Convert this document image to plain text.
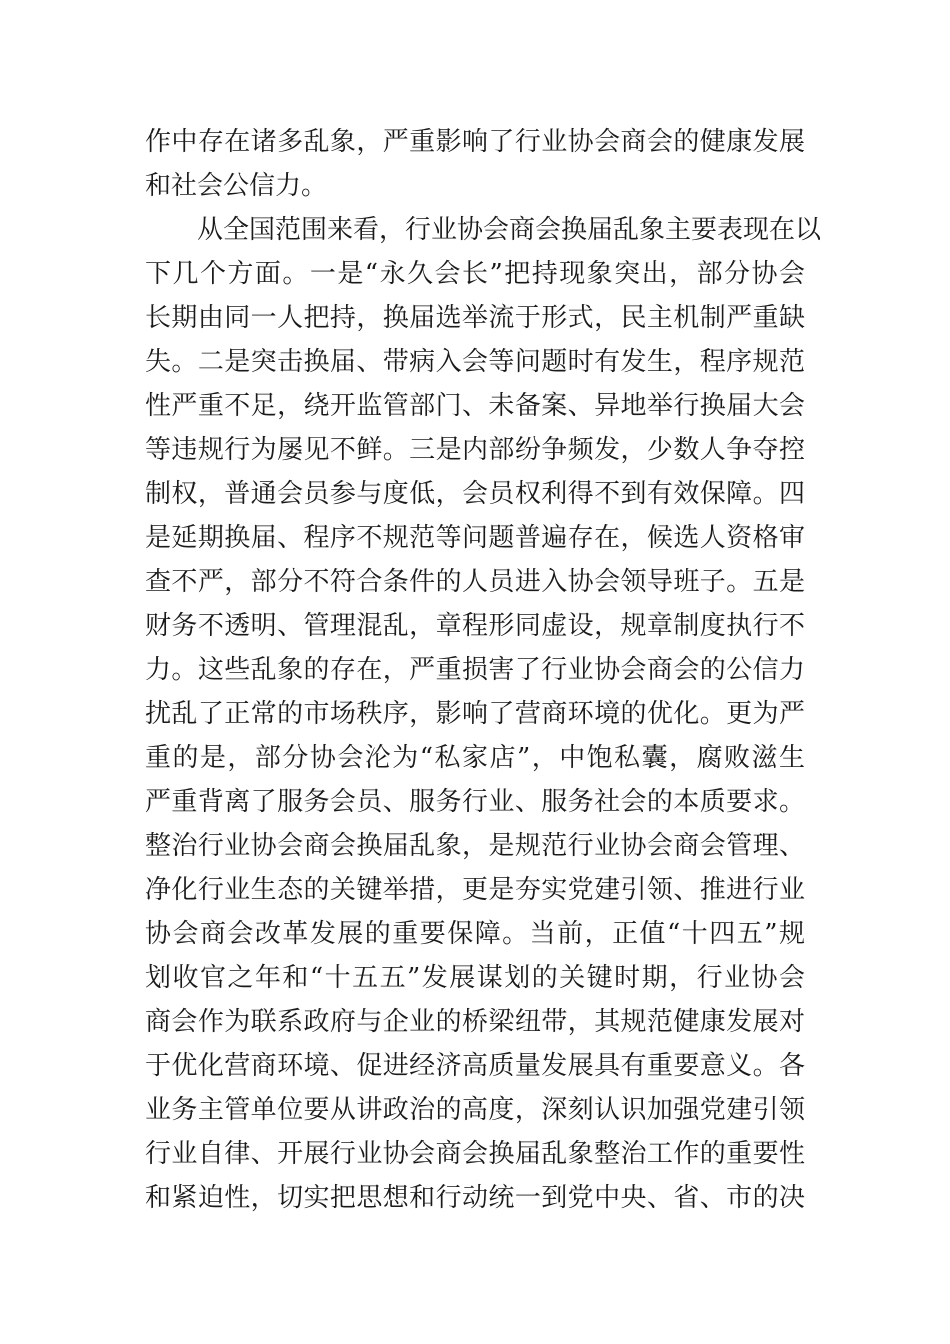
作中存在诸多乱象，严重影响了行业协会商会的健康发展
和社会公信力。
从全国范围来看，行业协会商会换届乱象主要表现在以
下几个方面。一是“永久会长”把持现象突出，部分协会
长期由同一人把持，换届选举流于形式，民主机制严重缺
失。二是突击换届、带病入会等问题时有发生，程序规范
性严重不足，绕开监管部门、未备案、异地举行换届大会
等违规行为屡见不鲜。三是内部纷争频发，少数人争夺控
制权，普通会员参与度低，会员权利得不到有效保障。四
是延期换届、程序不规范等问题普遍存在，候选人资格审
查不严，部分不符合条件的人员进入协会领导班子。五是
财务不透明、管理混乱，章程形同虚设，规章制度执行不
力。这些乱象的存在，严重损害了行业协会商会的公信力
扰乱了正常的市场秩序，影响了营商环境的优化。更为严
重的是，部分协会沦为“私家店”，中饱私囊，腐败滋生
严重背离了服务会员、服务行业、服务社会的本质要求。
整治行业协会商会换届乱象，是规范行业协会商会管理、
净化行业生态的关键举措，更是夯实党建引领、推进行业
协会商会改革发展的重要保障。当前，正值“十四五”规
划收官之年和“十五五”发展谋划的关键时期，行业协会
商会作为联系政府与企业的桥梁纽带，其规范健康发展对
于优化营商环境、促进经济高质量发展具有重要意义。各
业务主管单位要从讲政治的高度，深刻认识加强党建引领
行业自律、开展行业协会商会换届乱象整治工作的重要性
和紧迫性，切实把思想和行动统一到党中央、省、市的决
